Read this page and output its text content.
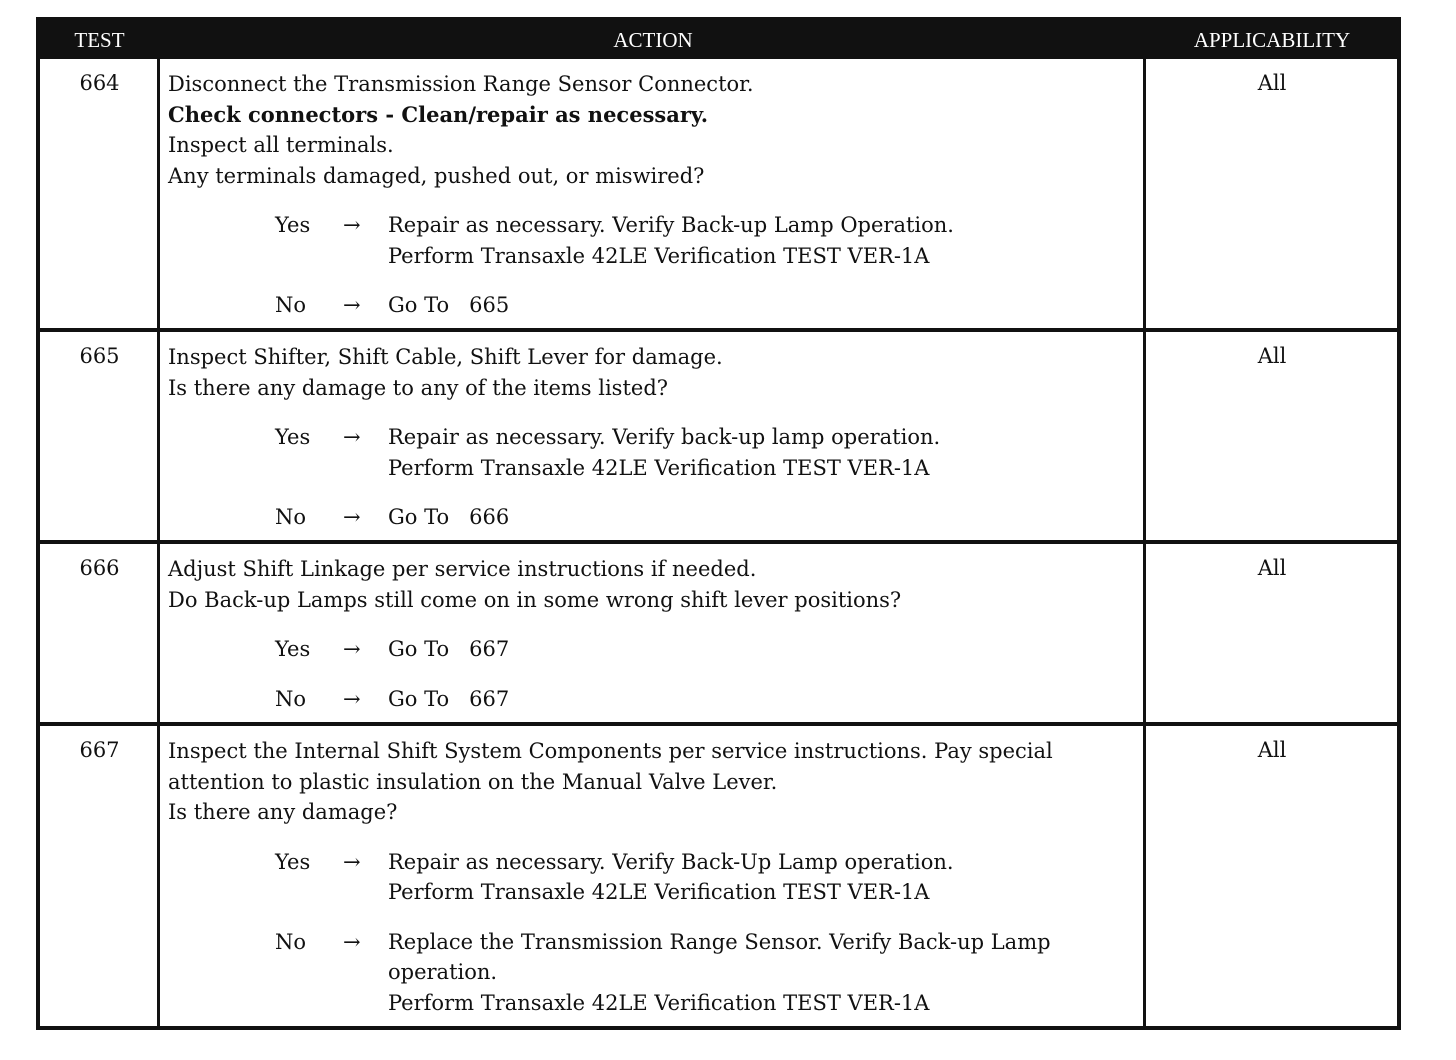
TEST	ACTION	APPLICABILITY
664	Disconnect the Transmission Range Sensor Connector.
Check connectors - Clean/repair as necessary.
Inspect all terminals.
Any terminals damaged, pushed out, or miswired?
Yes	→	Repair as necessary. Verify Back-up Lamp Operation.
Perform Transaxle 42LE Verification TEST VER-1A
No	→	Go To   665
All
665	Inspect Shifter, Shift Cable, Shift Lever for damage.
Is there any damage to any of the items listed?
Yes	→	Repair as necessary. Verify back-up lamp operation.
Perform Transaxle 42LE Verification TEST VER-1A
No	→	Go To   666
All
666	Adjust Shift Linkage per service instructions if needed.
Do Back-up Lamps still come on in some wrong shift lever positions?
Yes	→	Go To   667
No	→	Go To   667
All
667	Inspect the Internal Shift System Components per service instructions. Pay special
attention to plastic insulation on the Manual Valve Lever.
Is there any damage?
Yes	→	Repair as necessary. Verify Back-Up Lamp operation.
Perform Transaxle 42LE Verification TEST VER-1A
No	→	Replace the Transmission Range Sensor. Verify Back-up Lamp
operation.
Perform Transaxle 42LE Verification TEST VER-1A
All
